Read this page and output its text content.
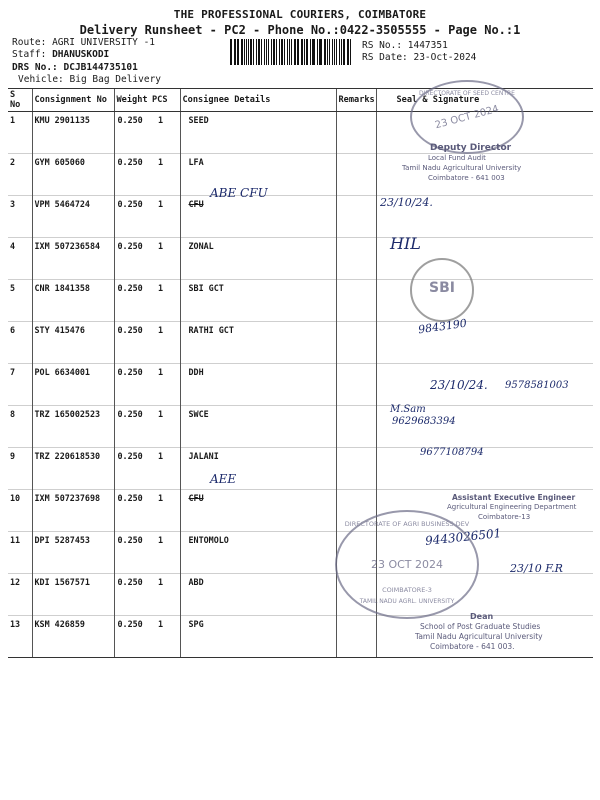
THE PROFESSIONAL COURIERS, COIMBATORE
Delivery Runsheet - PC2 - Phone No.:0422-3505555 - Page No.:1
Route: AGRI UNIVERSITY -1
Staff: DHANUSKODI
DRS No.: DCJB144735101
Vehicle: Big Bag Delivery
RS No.: 1447351
RS Date: 23-Oct-2024
S No	Consignment No	Weight	PCS	Consignee Details	Remarks	Seal & Signature
1	KMU 2901135	0.250	1	SEED		
2	GYM 605060	0.250	1	LFA		
3	VPM 5464724	0.250	1	CFU		
4	IXM 507236584	0.250	1	ZONAL		
5	CNR 1841358	0.250	1	SBI GCT		
6	STY 415476	0.250	1	RATHI GCT		
7	POL 6634001	0.250	1	DDH		
8	TRZ 165002523	0.250	1	SWCE		
9	TRZ 220618530	0.250	1	JALANI		
10	IXM 507237698	0.250	1	CFU		
11	DPI 5287453	0.250	1	ENTOMOLO		
12	KDI 1567571	0.250	1	ABD		
13	KSM 426859	0.250	1	SPG		
ABE CFU
23/10/24.
HIL
9843190
23/10/24. 9578581003
M.Sam
9629683394
9677108794
AEE
9443026501
23/10 F.R
DIRECTORATE OF SEED CENTRE
23 OCT 2024
Deputy Director
Local Fund Audit
Tamil Nadu Agricultural University
Coimbatore - 641 003
SBI
Assistant Executive Engineer
Agricultural Engineering Department
Coimbatore-13
DIRECTORATE OF AGRI BUSINESS DEV
23 OCT 2024
COIMBATORE-3
TAMIL NADU AGRL. UNIVERSITY
Dean
School of Post Graduate Studies
Tamil Nadu Agricultural University
Coimbatore - 641 003.
